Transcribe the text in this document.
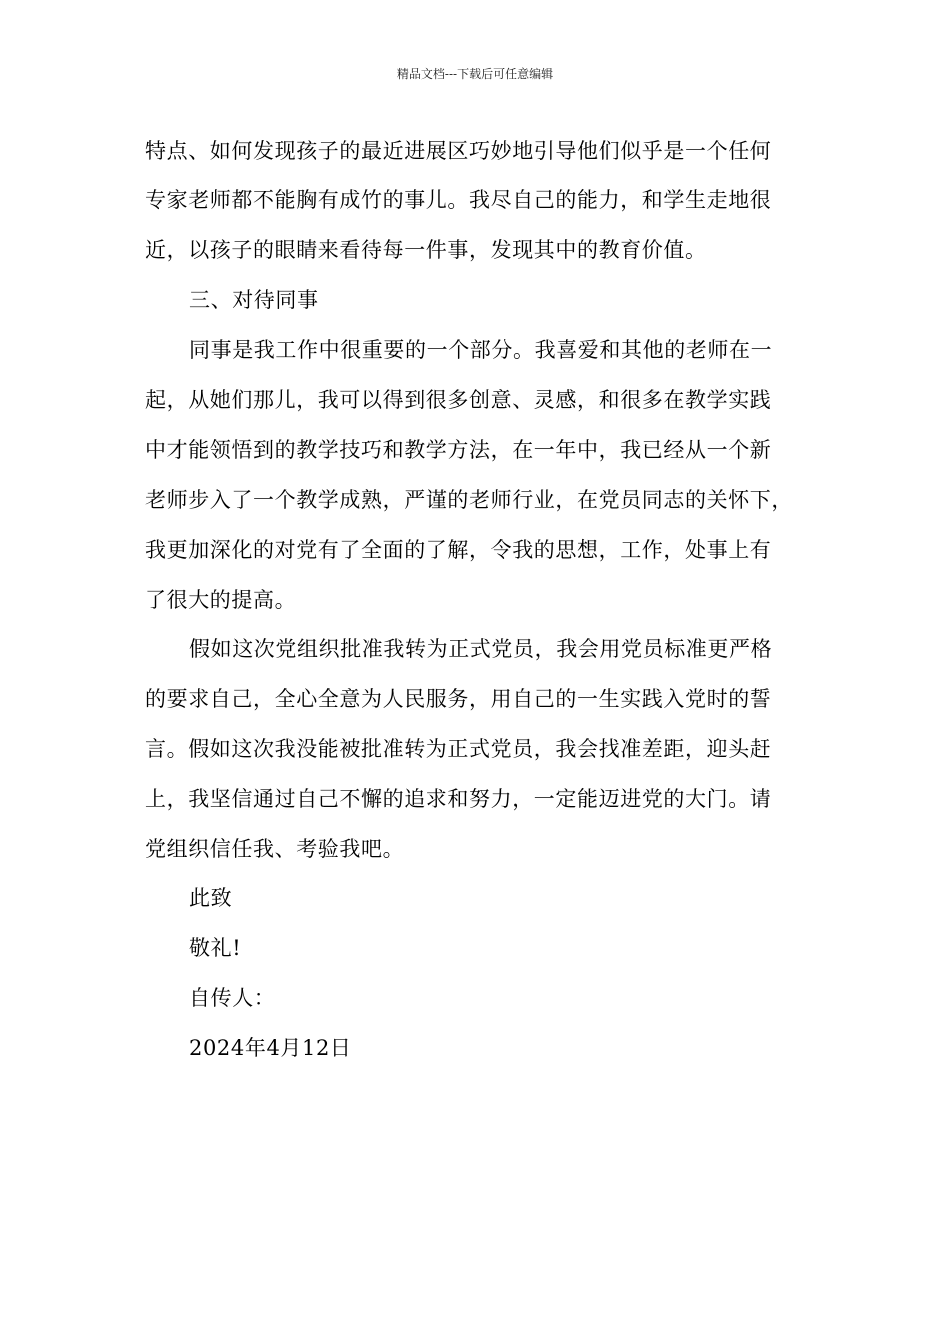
精品文档---下载后可任意编辑
特点、如何发现孩子的最近进展区巧妙地引导他们似乎是一个任何
专家老师都不能胸有成竹的事儿。我尽自己的能力，和学生走地很
近，以孩子的眼睛来看待每一件事，发现其中的教育价值。
三、对待同事
同事是我工作中很重要的一个部分。我喜爱和其他的老师在一
起，从她们那儿，我可以得到很多创意、灵感，和很多在教学实践
中才能领悟到的教学技巧和教学方法，在一年中，我已经从一个新
老师步入了一个教学成熟，严谨的老师行业，在党员同志的关怀下，
我更加深化的对党有了全面的了解，令我的思想，工作，处事上有
了很大的提高。
假如这次党组织批准我转为正式党员，我会用党员标准更严格
的要求自己，全心全意为人民服务，用自己的一生实践入党时的誓
言。假如这次我没能被批准转为正式党员，我会找准差距，迎头赶
上，我坚信通过自己不懈的追求和努力，一定能迈进党的大门。请
党组织信任我、考验我吧。
此致
敬礼!
自传人：
2024年4月12日
